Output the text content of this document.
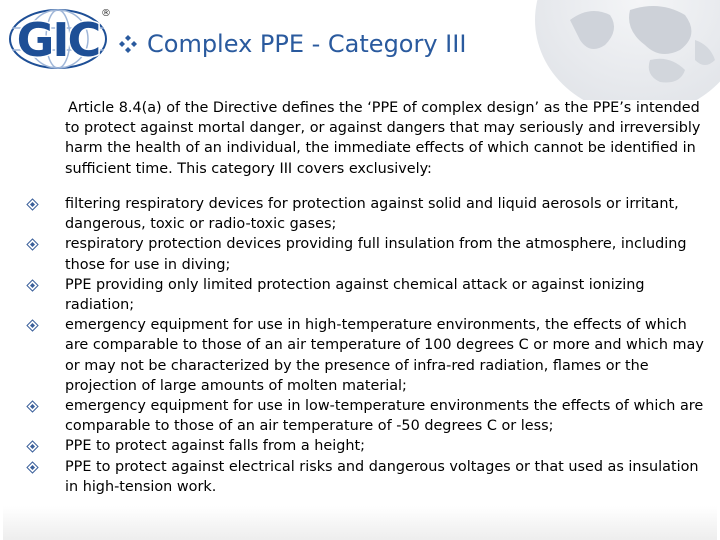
GIC ®
Complex PPE - Category III

Article 8.4(a) of the Directive defines the ‘PPE of complex design’ as the PPE’s intended to protect against mortal danger, or against dangers that may seriously and irreversibly harm the health of an individual, the immediate effects of which cannot be identified in sufficient time. This category III covers exclusively:

filtering respiratory devices for protection against solid and liquid aerosols or irritant, dangerous, toxic or radio-toxic gases;
respiratory protection devices providing full insulation from the atmosphere, including those for use in diving;
PPE providing only limited protection against chemical attack or against ionizing radiation;
emergency equipment for use in high-temperature environments, the effects of which are comparable to those of an air temperature of 100 degrees C or more and which may or may not be characterized by the presence of infra-red radiation, flames or the projection of large amounts of molten material;
emergency equipment for use in low-temperature environments the effects of which are comparable to those of an air temperature of -50 degrees C or less;
PPE to protect against falls from a height;
PPE to protect against electrical risks and dangerous voltages or that used as insulation in high-tension work.
